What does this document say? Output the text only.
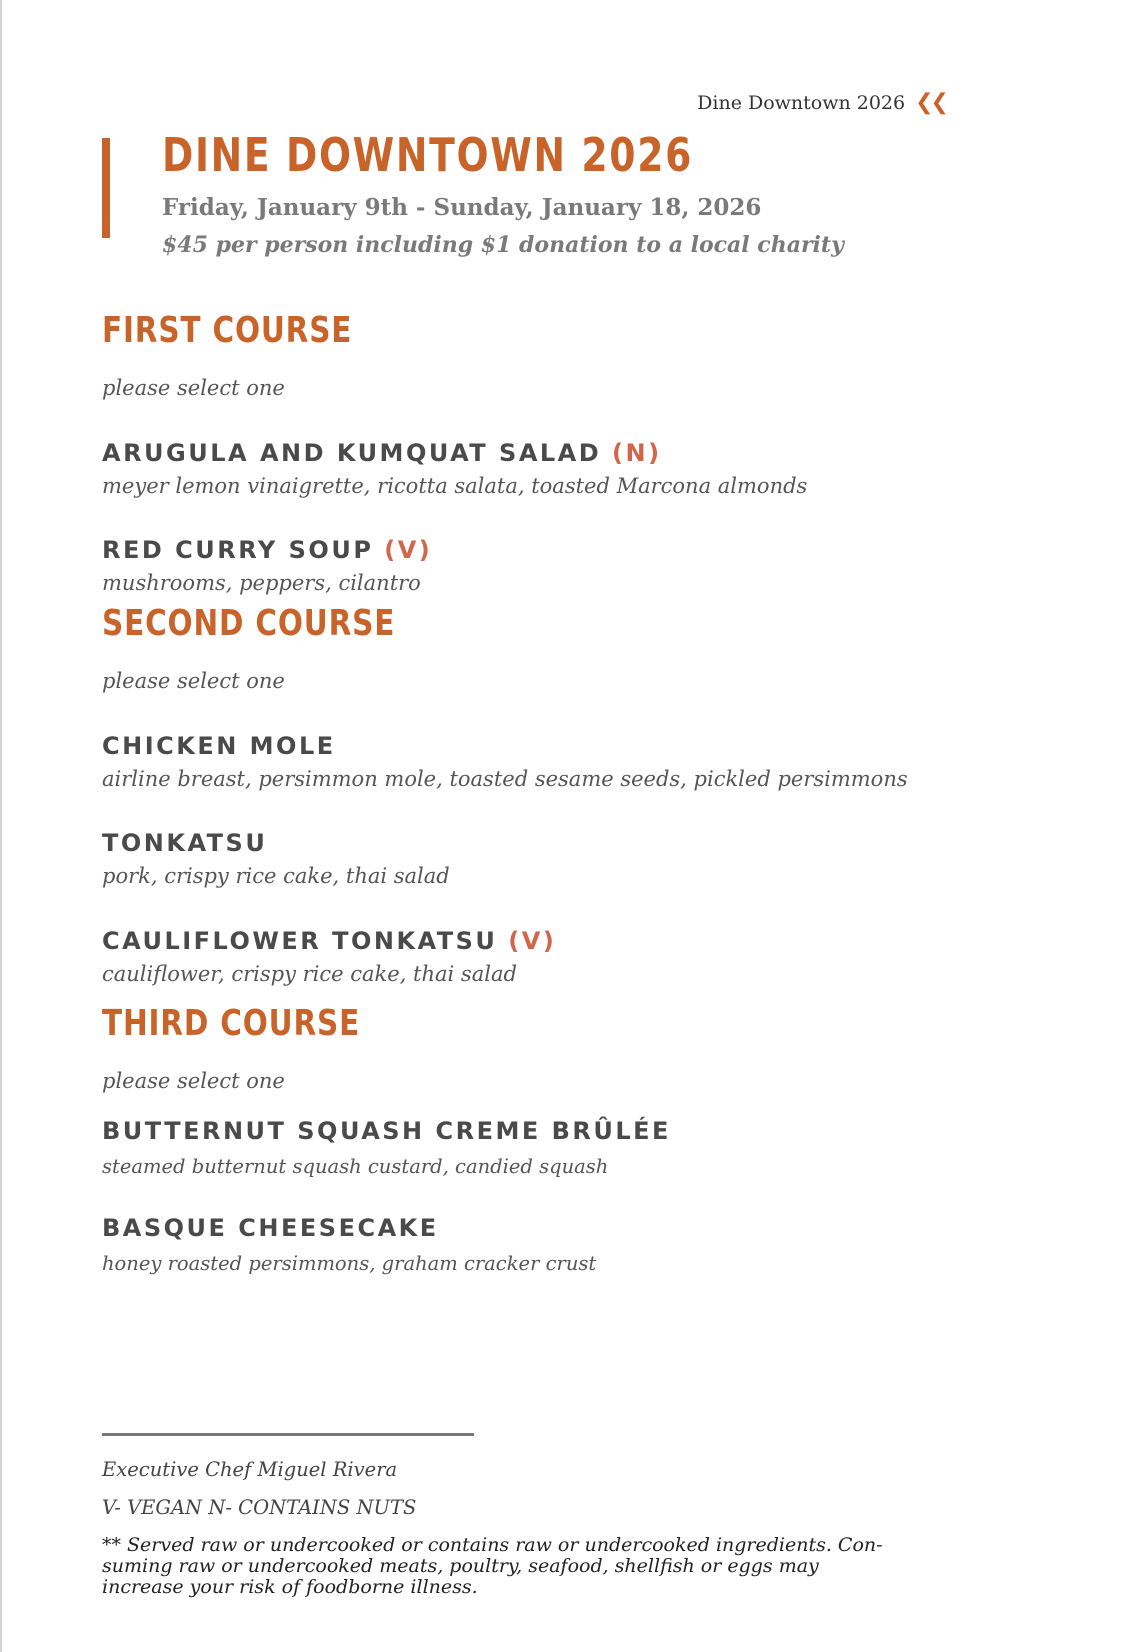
Dine Downtown 2026 ❮❮
DINE DOWNTOWN 2026
Friday, January 9th - Sunday, January 18, 2026
$45 per person including $1 donation to a local charity
FIRST COURSE
please select one
ARUGULA AND KUMQUAT SALAD (N)
meyer lemon vinaigrette, ricotta salata, toasted Marcona almonds
RED CURRY SOUP (V)
mushrooms, peppers, cilantro
SECOND COURSE
please select one
CHICKEN MOLE
airline breast, persimmon mole, toasted sesame seeds, pickled persimmons
TONKATSU
pork, crispy rice cake, thai salad
CAULIFLOWER TONKATSU (V)
cauliflower, crispy rice cake, thai salad
THIRD COURSE
please select one
BUTTERNUT SQUASH CREME BRÛLÉE
steamed butternut squash custard, candied squash
BASQUE CHEESECAKE
honey roasted persimmons, graham cracker crust
Executive Chef Miguel Rivera
V- VEGAN N- CONTAINS NUTS
** Served raw or undercooked or contains raw or undercooked ingredients. Con-suming raw or undercooked meats, poultry, seafood, shellfish or eggs may increase your risk of foodborne illness.
